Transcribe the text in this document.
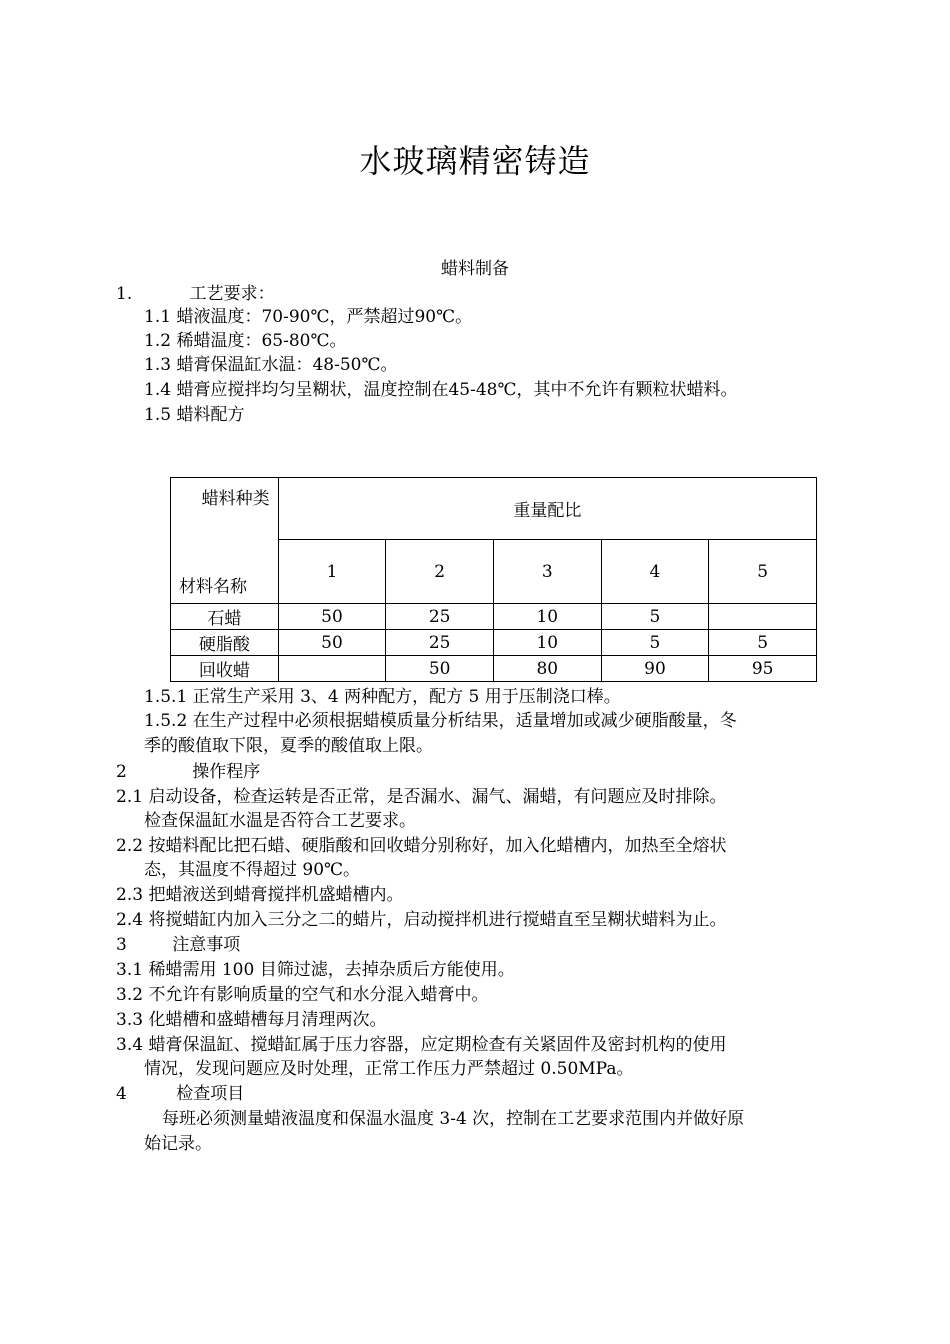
水玻璃精密铸造
蜡料制备
1.	工艺要求：
1.1 蜡液温度：70-90℃，严禁超过90℃。
1.2 稀蜡温度：65-80℃。
1.3 蜡膏保温缸水温：48-50℃。
1.4 蜡膏应搅拌均匀呈糊状，温度控制在45-48℃，其中不允许有颗粒状蜡料。
1.5 蜡料配方
蜡料种类
材料名称	重量配比				
	1	2	3	4	5
石蜡	50	25	10	5	
硬脂酸	50	25	10	5	5
回收蜡		50	80	90	95
1.5.1 正常生产采用 3、4 两种配方，配方 5 用于压制浇口棒。
1.5.2 在生产过程中必须根据蜡模质量分析结果，适量增加或减少硬脂酸量，冬
季的酸值取下限，夏季的酸值取上限。
2	操作程序
2.1 启动设备，检查运转是否正常，是否漏水、漏气、漏蜡，有问题应及时排除。
检查保温缸水温是否符合工艺要求。
2.2 按蜡料配比把石蜡、硬脂酸和回收蜡分别称好，加入化蜡槽内，加热至全熔状
态，其温度不得超过 90℃。
2.3 把蜡液送到蜡膏搅拌机盛蜡槽内。
2.4 将搅蜡缸内加入三分之二的蜡片，启动搅拌机进行搅蜡直至呈糊状蜡料为止。
3	注意事项
3.1 稀蜡需用 100 目筛过滤，去掉杂质后方能使用。
3.2 不允许有影响质量的空气和水分混入蜡膏中。
3.3 化蜡槽和盛蜡槽每月清理两次。
3.4 蜡膏保温缸、搅蜡缸属于压力容器，应定期检查有关紧固件及密封机构的使用
情况，发现问题应及时处理，正常工作压力严禁超过 0.50MPa。
4	检查项目
每班必须测量蜡液温度和保温水温度 3-4 次，控制在工艺要求范围内并做好原
始记录。
